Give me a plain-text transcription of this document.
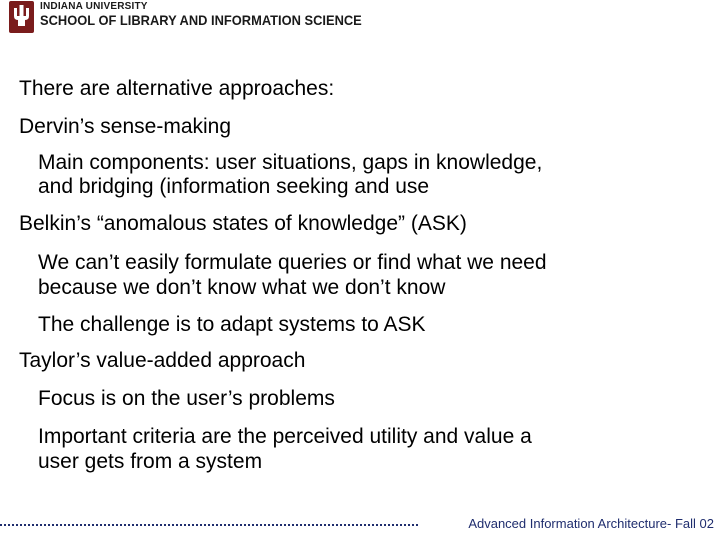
INDIANA UNIVERSITY
SCHOOL OF LIBRARY AND INFORMATION SCIENCE
There are alternative approaches:
Dervin’s sense-making
Main components: user situations, gaps in knowledge,
and bridging (information seeking and use
Belkin’s “anomalous states of knowledge” (ASK)
We can’t easily formulate queries or find what we need
because we don’t know what we don’t know
The challenge is to adapt systems to ASK
Taylor’s value-added approach
Focus is on the user’s problems
Important criteria are the perceived utility and value a
user gets from a system
Advanced Information Architecture- Fall 02
